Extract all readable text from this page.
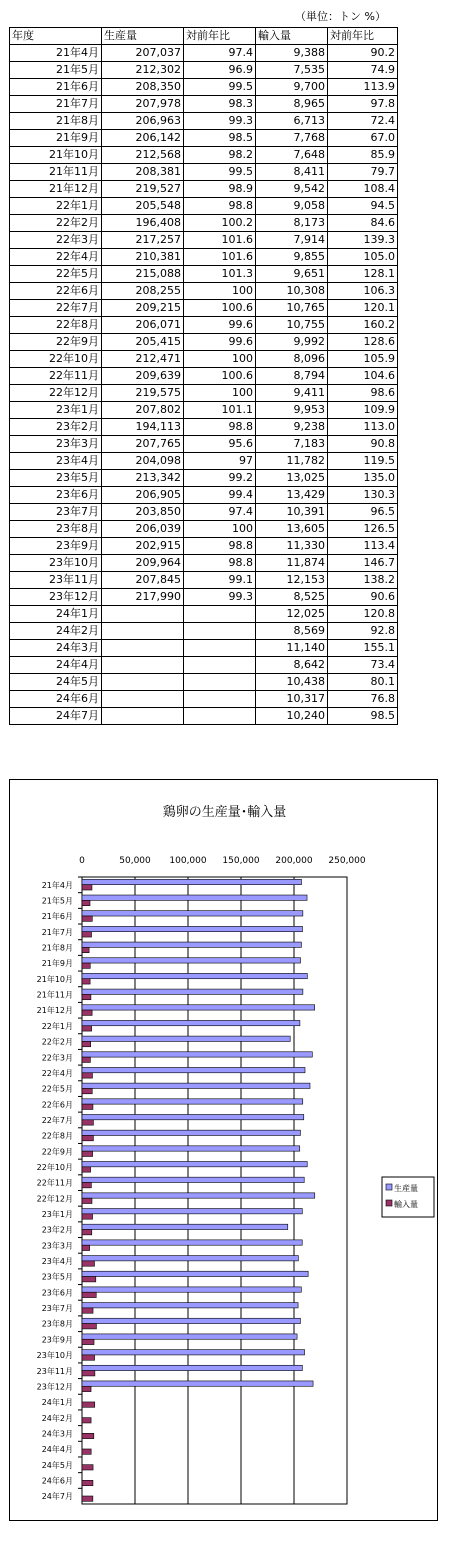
（単位：トン %）
年度	生産量	対前年比	輸入量	対前年比
21年4月	207,037	97.4	9,388	90.2
21年5月	212,302	96.9	7,535	74.9
21年6月	208,350	99.5	9,700	113.9
21年7月	207,978	98.3	8,965	97.8
21年8月	206,963	99.3	6,713	72.4
21年9月	206,142	98.5	7,768	67.0
21年10月	212,568	98.2	7,648	85.9
21年11月	208,381	99.5	8,411	79.7
21年12月	219,527	98.9	9,542	108.4
22年1月	205,548	98.8	9,058	94.5
22年2月	196,408	100.2	8,173	84.6
22年3月	217,257	101.6	7,914	139.3
22年4月	210,381	101.6	9,855	105.0
22年5月	215,088	101.3	9,651	128.1
22年6月	208,255	100	10,308	106.3
22年7月	209,215	100.6	10,765	120.1
22年8月	206,071	99.6	10,755	160.2
22年9月	205,415	99.6	9,992	128.6
22年10月	212,471	100	8,096	105.9
22年11月	209,639	100.6	8,794	104.6
22年12月	219,575	100	9,411	98.6
23年1月	207,802	101.1	9,953	109.9
23年2月	194,113	98.8	9,238	113.0
23年3月	207,765	95.6	7,183	90.8
23年4月	204,098	97	11,782	119.5
23年5月	213,342	99.2	13,025	135.0
23年6月	206,905	99.4	13,429	130.3
23年7月	203,850	97.4	10,391	96.5
23年8月	206,039	100	13,605	126.5
23年9月	202,915	98.8	11,330	113.4
23年10月	209,964	98.8	11,874	146.7
23年11月	207,845	99.1	12,153	138.2
23年12月	217,990	99.3	8,525	90.6
24年1月			12,025	120.8
24年2月			8,569	92.8
24年3月			11,140	155.1
24年4月			8,642	73.4
24年5月			10,438	80.1
24年6月			10,317	76.8
24年7月			10,240	98.5
鶏卵の生産量･輸入量
0	50,000 100,000 150,000 200,000 250,000
21年4月
21年5月
21年6月
21年7月
21年8月
21年9月
21年10月
21年11月
21年12月
22年1月
22年2月
22年3月
22年4月
22年5月
22年6月
22年7月
22年8月
22年9月
22年10月
22年11月
22年12月
23年1月
23年2月
23年3月
23年4月
23年5月
23年6月
23年7月
23年8月
23年9月
23年10月
23年11月
23年12月
24年1月
24年2月
24年3月
24年4月
24年5月
24年6月
24年7月
生産量
輸入量
